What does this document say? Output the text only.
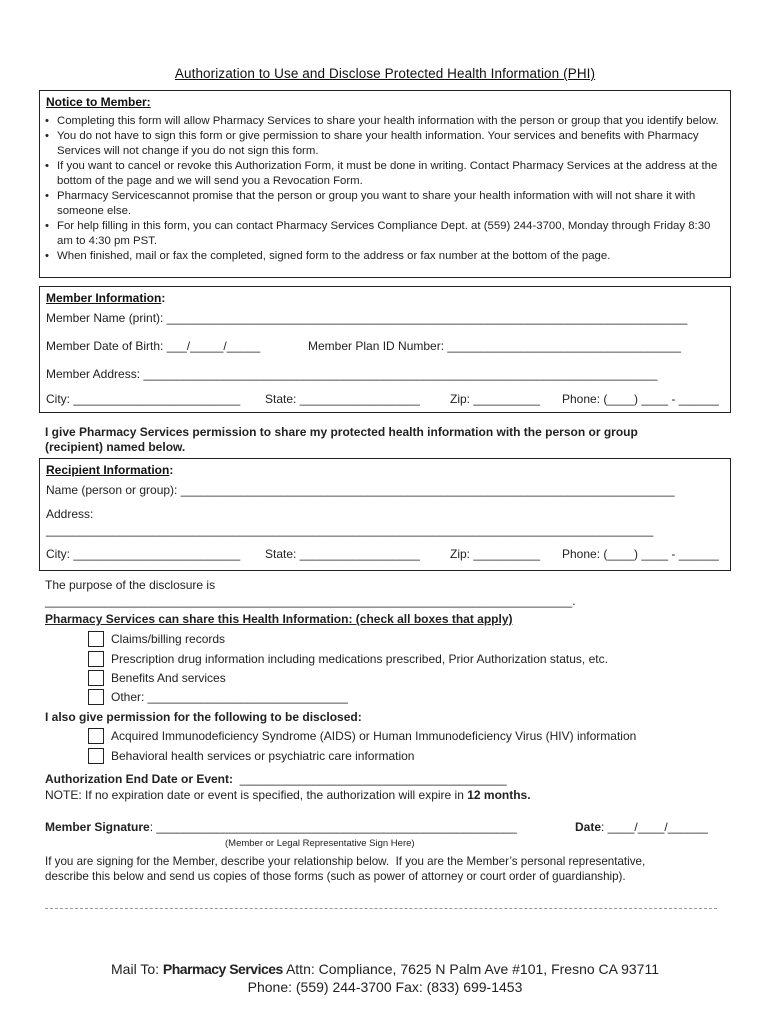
Authorization to Use and Disclose Protected Health Information (PHI)
Notice to Member:
• Completing this form will allow Pharmacy Services to share your health information with the person or group that you identify below.
• You do not have to sign this form or give permission to share your health information. Your services and benefits with Pharmacy Services will not change if you do not sign this form.
• If you want to cancel or revoke this Authorization Form, it must be done in writing. Contact Pharmacy Services at the address at the bottom of the page and we will send you a Revocation Form.
• Pharmacy Servicescannot promise that the person or group you want to share your health information with will not share it with someone else.
• For help filling in this form, you can contact Pharmacy Services Compliance Dept. at (559) 244-3700, Monday through Friday 8:30 am to 4:30 pm PST.
• When finished, mail or fax the completed, signed form to the address or fax number at the bottom of the page.
Member Information:
Member Name (print): ______________________________________________________________________________
Member Date of Birth: ___/_____/_____	Member Plan ID Number: ___________________________________
Member Address: _____________________________________________________________________________
City: _________________________ State: __________________	Zip: __________ Phone: (____) ____ - ______
I give Pharmacy Services permission to share my protected health information with the person or group
(recipient) named below.
Recipient Information:
Name (person or group): __________________________________________________________________________
Address:
___________________________________________________________________________________________
City: _________________________ State: __________________	Zip: __________ Phone: (____) ____ - ______
The purpose of the disclosure is
_______________________________________________________________________________.
Pharmacy Services can share this Health Information: (check all boxes that apply)
Claims/billing records
Prescription drug information including medications prescribed, Prior Authorization status, etc.
Benefits And services
Other: ______________________________
I also give permission for the following to be disclosed:
Acquired Immunodeficiency Syndrome (AIDS) or Human Immunodeficiency Virus (HIV) information
Behavioral health services or psychiatric care information
Authorization End Date or Event: ________________________________________
NOTE: If no expiration date or event is specified, the authorization will expire in 12 months.
Member Signature: ______________________________________________________	Date: ____/____/______
(Member or Legal Representative Sign Here)
If you are signing for the Member, describe your relationship below.  If you are the Member’s personal representative,
describe this below and send us copies of those forms (such as power of attorney or court order of guardianship).
Mail To: Pharmacy Services Attn: Compliance, 7625 N Palm Ave #101, Fresno CA 93711
Phone: (559) 244-3700 Fax: (833) 699-1453
